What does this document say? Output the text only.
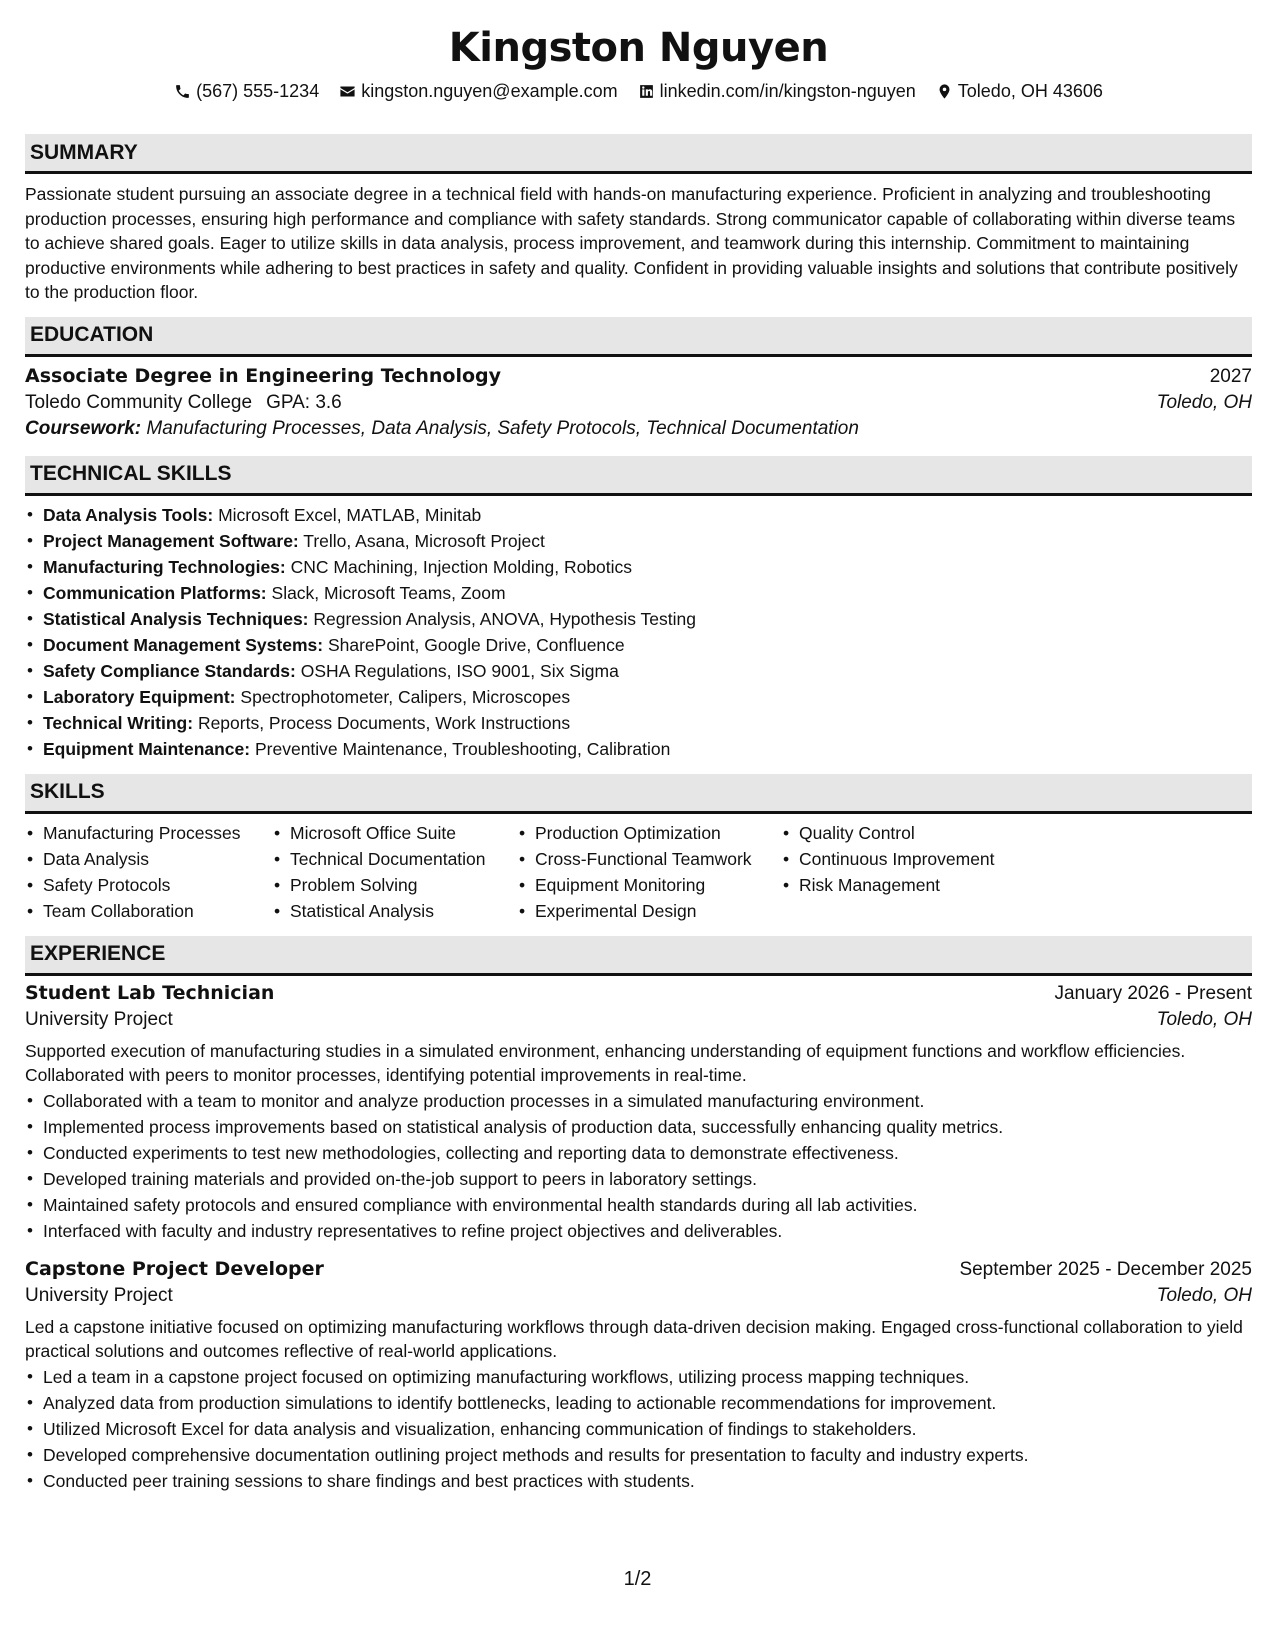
Kingston Nguyen
(567) 555-1234 kingston.nguyen@example.com linkedin.com/in/kingston-nguyen Toledo, OH 43606
SUMMARY
Passionate student pursuing an associate degree in a technical field with hands-on manufacturing experience. Proficient in analyzing and troubleshooting production processes, ensuring high performance and compliance with safety standards. Strong communicator capable of collaborating within diverse teams to achieve shared goals. Eager to utilize skills in data analysis, process improvement, and teamwork during this internship. Commitment to maintaining productive environments while adhering to best practices in safety and quality. Confident in providing valuable insights and solutions that contribute positively to the production floor.
EDUCATION
Associate Degree in Engineering Technology	2027
Toledo Community College GPA: 3.6	Toledo, OH
Coursework: Manufacturing Processes, Data Analysis, Safety Protocols, Technical Documentation
TECHNICAL SKILLS
• Data Analysis Tools: Microsoft Excel, MATLAB, Minitab
• Project Management Software: Trello, Asana, Microsoft Project
• Manufacturing Technologies: CNC Machining, Injection Molding, Robotics
• Communication Platforms: Slack, Microsoft Teams, Zoom
• Statistical Analysis Techniques: Regression Analysis, ANOVA, Hypothesis Testing
• Document Management Systems: SharePoint, Google Drive, Confluence
• Safety Compliance Standards: OSHA Regulations, ISO 9001, Six Sigma
• Laboratory Equipment: Spectrophotometer, Calipers, Microscopes
• Technical Writing: Reports, Process Documents, Work Instructions
• Equipment Maintenance: Preventive Maintenance, Troubleshooting, Calibration
SKILLS
• Manufacturing Processes
• Data Analysis
• Safety Protocols
• Team Collaboration
• Microsoft Office Suite
• Technical Documentation
• Problem Solving
• Statistical Analysis
• Production Optimization
• Cross-Functional Teamwork
• Equipment Monitoring
• Experimental Design
• Quality Control
• Continuous Improvement
• Risk Management
EXPERIENCE
Student Lab Technician	January 2026 - Present
University Project	Toledo, OH
Supported execution of manufacturing studies in a simulated environment, enhancing understanding of equipment functions and workflow efficiencies. Collaborated with peers to monitor processes, identifying potential improvements in real-time.
• Collaborated with a team to monitor and analyze production processes in a simulated manufacturing environment.
• Implemented process improvements based on statistical analysis of production data, successfully enhancing quality metrics.
• Conducted experiments to test new methodologies, collecting and reporting data to demonstrate effectiveness.
• Developed training materials and provided on-the-job support to peers in laboratory settings.
• Maintained safety protocols and ensured compliance with environmental health standards during all lab activities.
• Interfaced with faculty and industry representatives to refine project objectives and deliverables.
Capstone Project Developer	September 2025 - December 2025
University Project	Toledo, OH
Led a capstone initiative focused on optimizing manufacturing workflows through data-driven decision making. Engaged cross-functional collaboration to yield practical solutions and outcomes reflective of real-world applications.
• Led a team in a capstone project focused on optimizing manufacturing workflows, utilizing process mapping techniques.
• Analyzed data from production simulations to identify bottlenecks, leading to actionable recommendations for improvement.
• Utilized Microsoft Excel for data analysis and visualization, enhancing communication of findings to stakeholders.
• Developed comprehensive documentation outlining project methods and results for presentation to faculty and industry experts.
• Conducted peer training sessions to share findings and best practices with students.
1/2
